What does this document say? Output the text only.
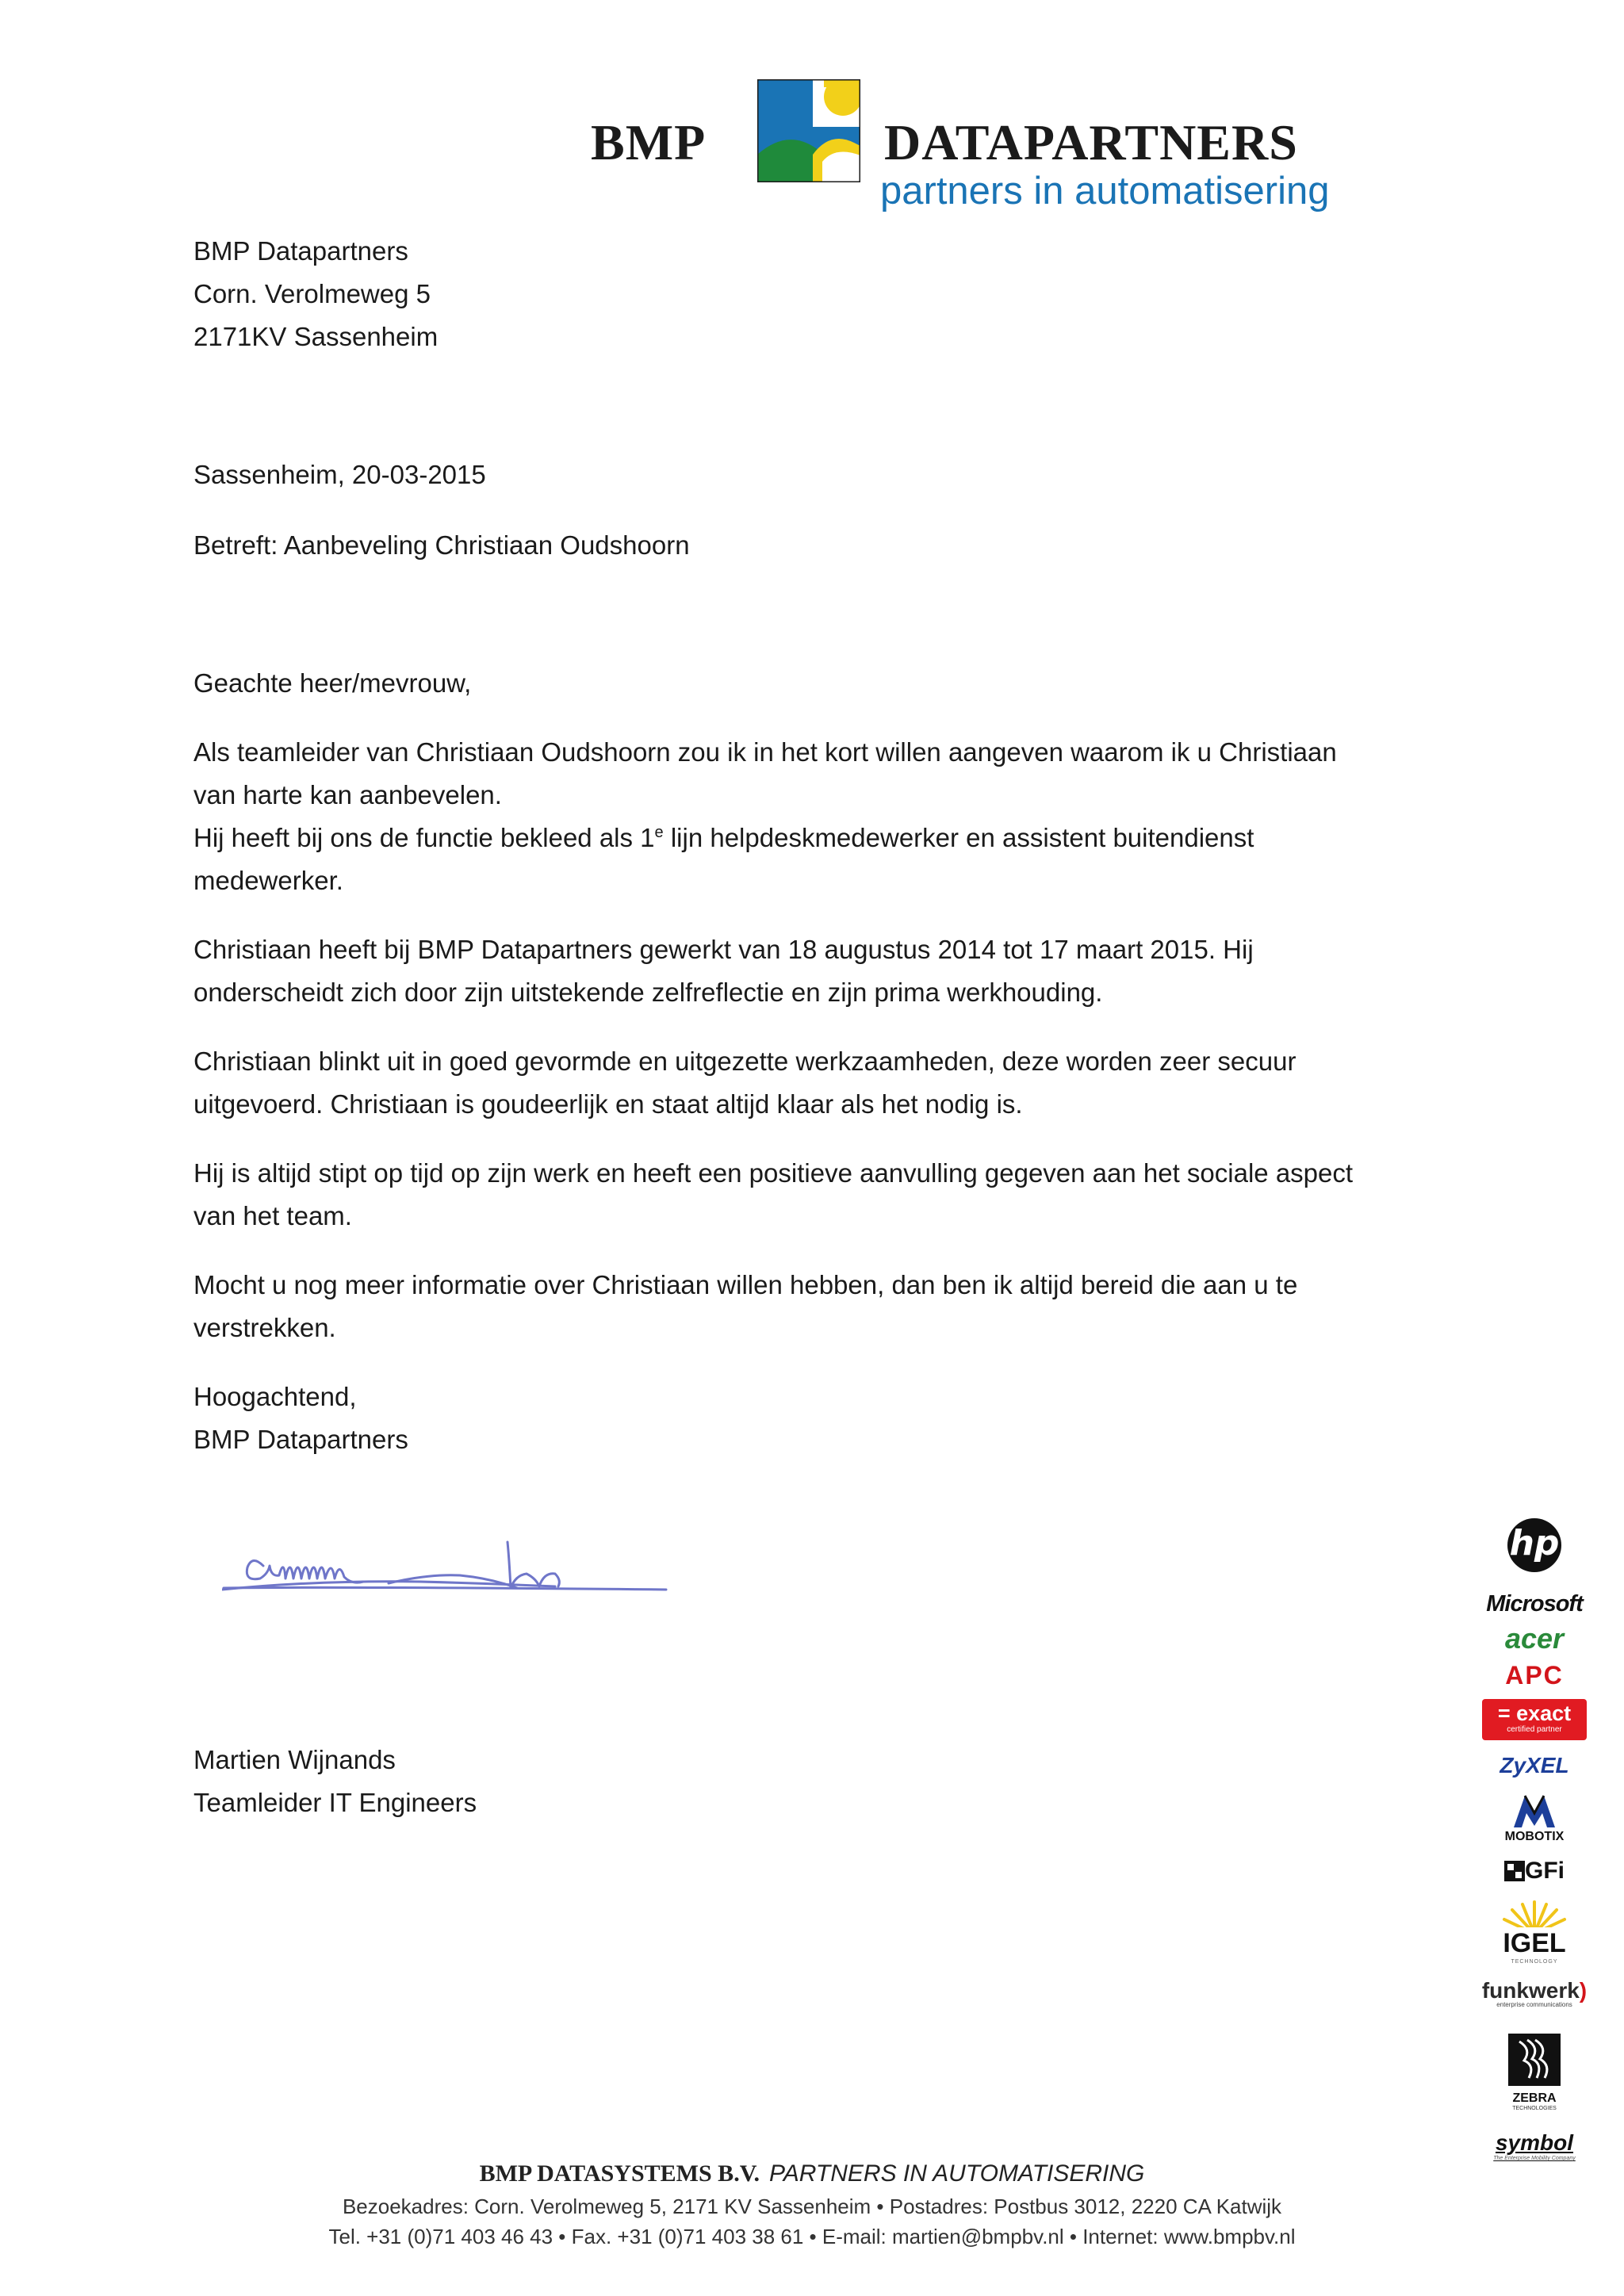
BMP	DATAPARTNERS
partners in automatisering
BMP Datapartners
Corn. Verolmeweg 5
2171KV Sassenheim
Sassenheim, 20-03-2015
Betreft: Aanbeveling Christiaan Oudshoorn
Geachte heer/mevrouw,
Als teamleider van Christiaan Oudshoorn zou ik in het kort willen aangeven waarom ik u Christiaan
van harte kan aanbevelen.
Hij heeft bij ons de functie bekleed als 1e lijn helpdeskmedewerker en assistent buitendienst
medewerker.
Christiaan heeft bij BMP Datapartners gewerkt van 18 augustus 2014 tot 17 maart 2015. Hij
onderscheidt zich door zijn uitstekende zelfreflectie en zijn prima werkhouding.
Christiaan blinkt uit in goed gevormde en uitgezette werkzaamheden, deze worden zeer secuur
uitgevoerd. Christiaan is goudeerlijk en staat altijd klaar als het nodig is.
Hij is altijd stipt op tijd op zijn werk en heeft een positieve aanvulling gegeven aan het sociale aspect
van het team.
Mocht u nog meer informatie over Christiaan willen hebben, dan ben ik altijd bereid die aan u te
verstrekken.
Hoogachtend,
BMP Datapartners
Martien Wijnands
Teamleider IT Engineers
hp
Microsoft
acer
APC
= exact
certified partner
ZyXEL
MOBOTIX
GFi
IGEL
TECHNOLOGY
funkwerk)
enterprise communications
ZEBRA
TECHNOLOGIES
symbol
The Enterprise Mobility Company
BMP DATASYSTEMS B.V. PARTNERS IN AUTOMATISERING
Bezoekadres: Corn. Verolmeweg 5, 2171 KV Sassenheim • Postadres: Postbus 3012, 2220 CA Katwijk
Tel. +31 (0)71 403 46 43 • Fax. +31 (0)71 403 38 61 • E-mail: martien@bmpbv.nl • Internet: www.bmpbv.nl
